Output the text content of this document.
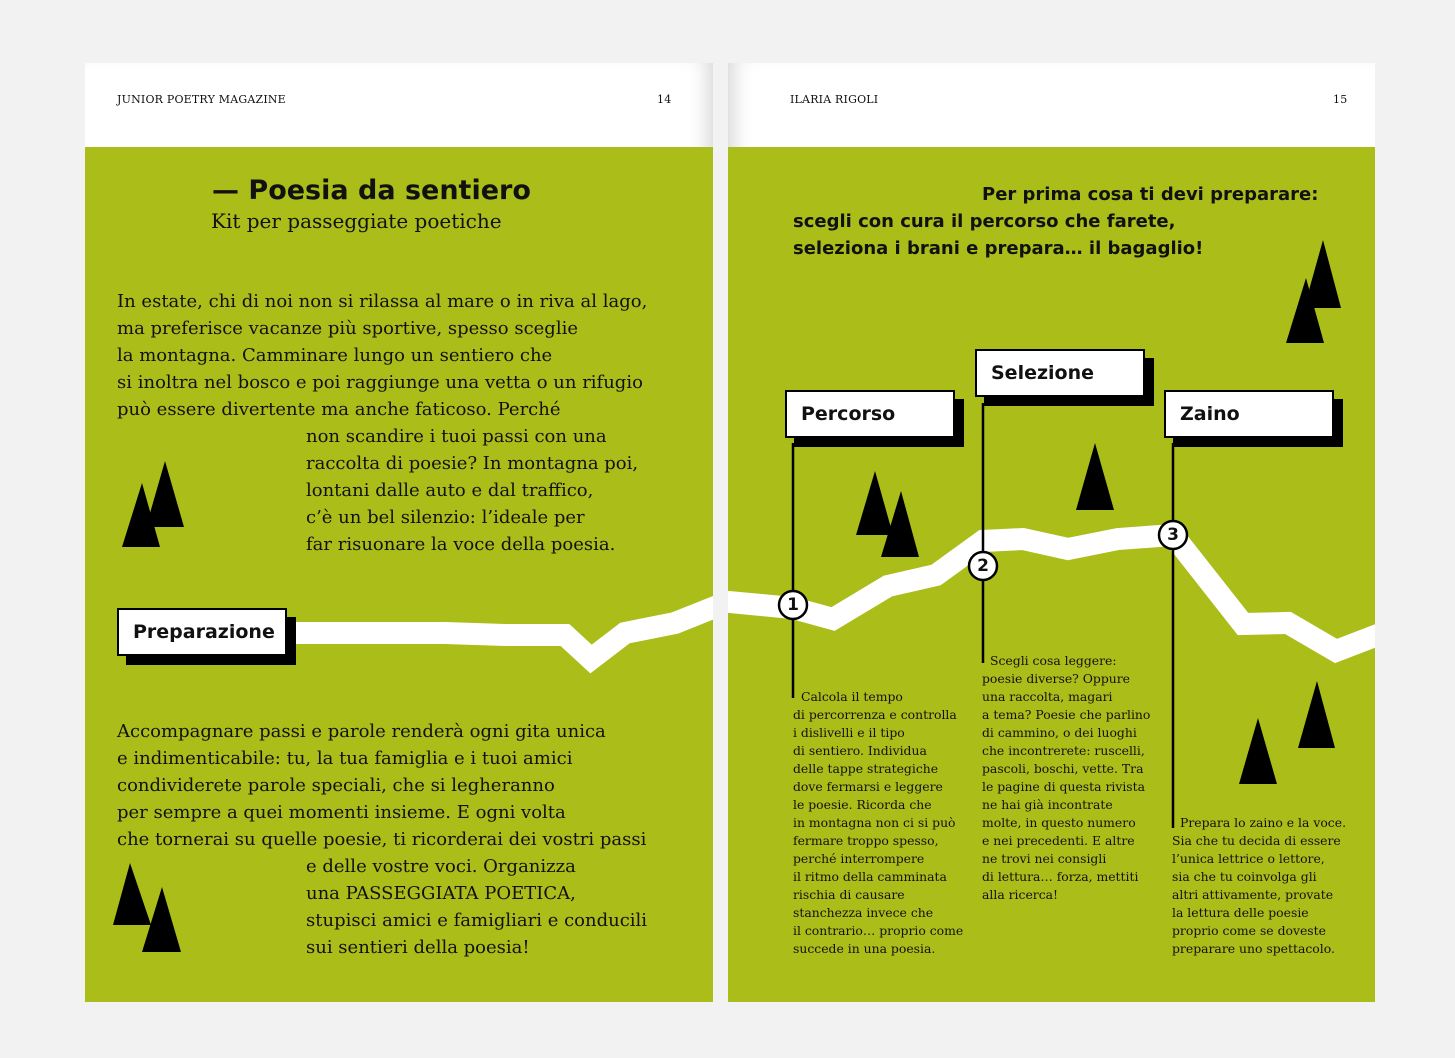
JUNIOR POETRY MAGAZINE	14
— Poesia da sentiero
Kit per passeggiate poetiche
In estate, chi di noi non si rilassa al mare o in riva al lago,
ma preferisce vacanze più sportive, spesso sceglie
la montagna. Camminare lungo un sentiero che
si inoltra nel bosco e poi raggiunge una vetta o un rifugio
può essere divertente ma anche faticoso. Perché
non scandire i tuoi passi con una
raccolta di poesie? In montagna poi,
lontani dalle auto e dal traffico,
c’è un bel silenzio: l’ideale per
far risuonare la voce della poesia.
Preparazione
Accompagnare passi e parole renderà ogni gita unica
e indimenticabile: tu, la tua famiglia e i tuoi amici
condividerete parole speciali, che si legheranno
per sempre a quei momenti insieme. E ogni volta
che tornerai su quelle poesie, ti ricorderai dei vostri passi
e delle vostre voci. Organizza
una PASSEGGIATA POETICA,
stupisci amici e famigliari e conducili
sui sentieri della poesia!
ILARIA RIGOLI	15
1
2
3
Per prima cosa ti devi preparare:
scegli con cura il percorso che farete,
seleziona i brani e prepara… il bagaglio!
Percorso
Selezione
Zaino
Calcola il tempo
di percorrenza e controlla
i dislivelli e il tipo
di sentiero. Individua
delle tappe strategiche
dove fermarsi e leggere
le poesie. Ricorda che
in montagna non ci si può
fermare troppo spesso,
perché interrompere
il ritmo della camminata
rischia di causare
stanchezza invece che
il contrario… proprio come
succede in una poesia.
Scegli cosa leggere:
poesie diverse? Oppure
una raccolta, magari
a tema? Poesie che parlino
di cammino, o dei luoghi
che incontrerete: ruscelli,
pascoli, boschi, vette. Tra
le pagine di questa rivista
ne hai già incontrate
molte, in questo numero
e nei precedenti. E altre
ne trovi nei consigli
di lettura… forza, mettiti
alla ricerca!
Prepara lo zaino e la voce.
Sia che tu decida di essere
l’unica lettrice o lettore,
sia che tu coinvolga gli
altri attivamente, provate
la lettura delle poesie
proprio come se doveste
preparare uno spettacolo.
